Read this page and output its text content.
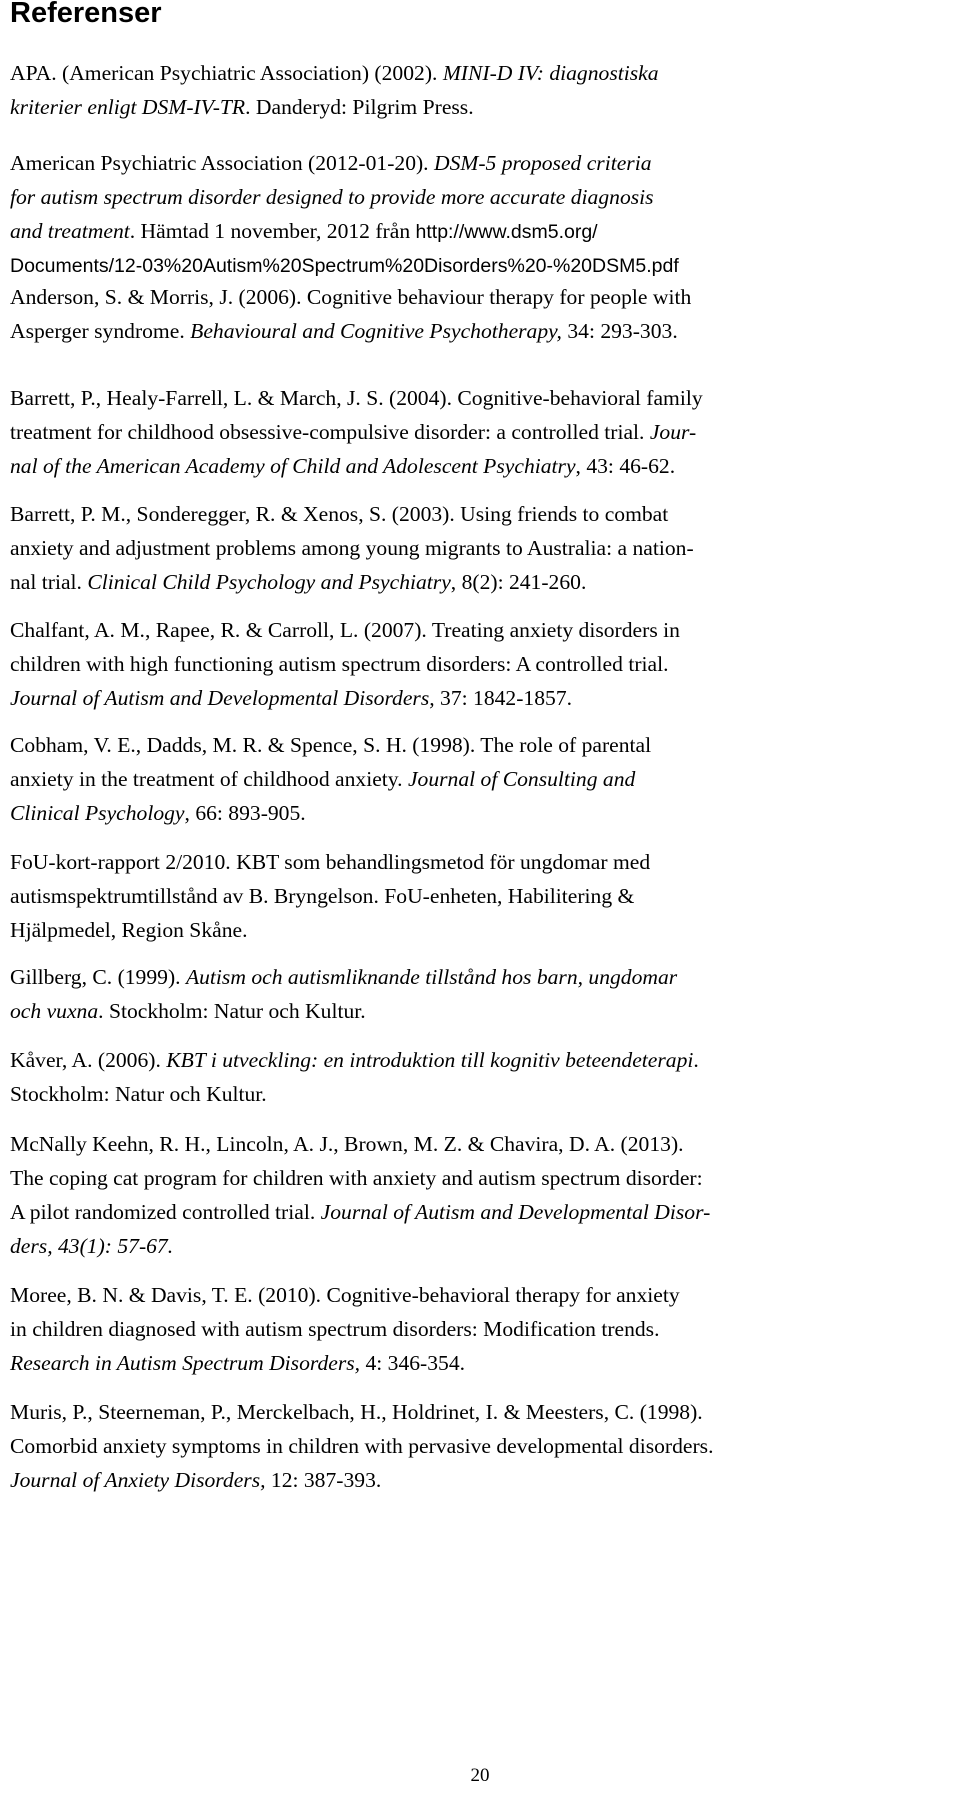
Referenser
APA. (American Psychiatric Association) (2002). MINI-D IV: diagnostiska
kriterier enligt DSM-IV-TR. Danderyd: Pilgrim Press.
American Psychiatric Association (2012-01-20). DSM-5 proposed criteria
for autism spectrum disorder designed to provide more accurate diagnosis
and treatment. Hämtad 1 november, 2012 från http://www.dsm5.org/
Documents/12-03%20Autism%20Spectrum%20Disorders%20-%20DSM5.pdf
Anderson, S. & Morris, J. (2006). Cognitive behaviour therapy for people with
Asperger syndrome. Behavioural and Cognitive Psychotherapy, 34: 293-303.
Barrett, P., Healy-Farrell, L. & March, J. S. (2004). Cognitive-behavioral family
treatment for childhood obsessive-compulsive disorder: a controlled trial. Jour-
nal of the American Academy of Child and Adolescent Psychiatry, 43: 46-62.
Barrett, P. M., Sonderegger, R. & Xenos, S. (2003). Using friends to combat
anxiety and adjustment problems among young migrants to Australia: a nation-
nal trial. Clinical Child Psychology and Psychiatry, 8(2): 241-260.
Chalfant, A. M., Rapee, R. & Carroll, L. (2007). Treating anxiety disorders in
children with high functioning autism spectrum disorders: A controlled trial.
Journal of Autism and Developmental Disorders, 37: 1842-1857.
Cobham, V. E., Dadds, M. R. & Spence, S. H. (1998). The role of parental
anxiety in the treatment of childhood anxiety. Journal of Consulting and
Clinical Psychology, 66: 893-905.
FoU-kort-rapport 2/2010. KBT som behandlingsmetod för ungdomar med
autismspektrumtillstånd av B. Bryngelson. FoU-enheten, Habilitering &
Hjälpmedel, Region Skåne.
Gillberg, C. (1999). Autism och autismliknande tillstånd hos barn, ungdomar
och vuxna. Stockholm: Natur och Kultur.
Kåver, A. (2006). KBT i utveckling: en introduktion till kognitiv beteendeterapi.
Stockholm: Natur och Kultur.
McNally Keehn, R. H., Lincoln, A. J., Brown, M. Z. & Chavira, D. A. (2013).
The coping cat program for children with anxiety and autism spectrum disorder:
A pilot randomized controlled trial. Journal of Autism and Developmental Disor-
ders, 43(1): 57-67.
Moree, B. N. & Davis, T. E. (2010). Cognitive-behavioral therapy for anxiety
in children diagnosed with autism spectrum disorders: Modification trends.
Research in Autism Spectrum Disorders, 4: 346-354.
Muris, P., Steerneman, P., Merckelbach, H., Holdrinet, I. & Meesters, C. (1998).
Comorbid anxiety symptoms in children with pervasive developmental disorders.
Journal of Anxiety Disorders, 12: 387-393.
20
